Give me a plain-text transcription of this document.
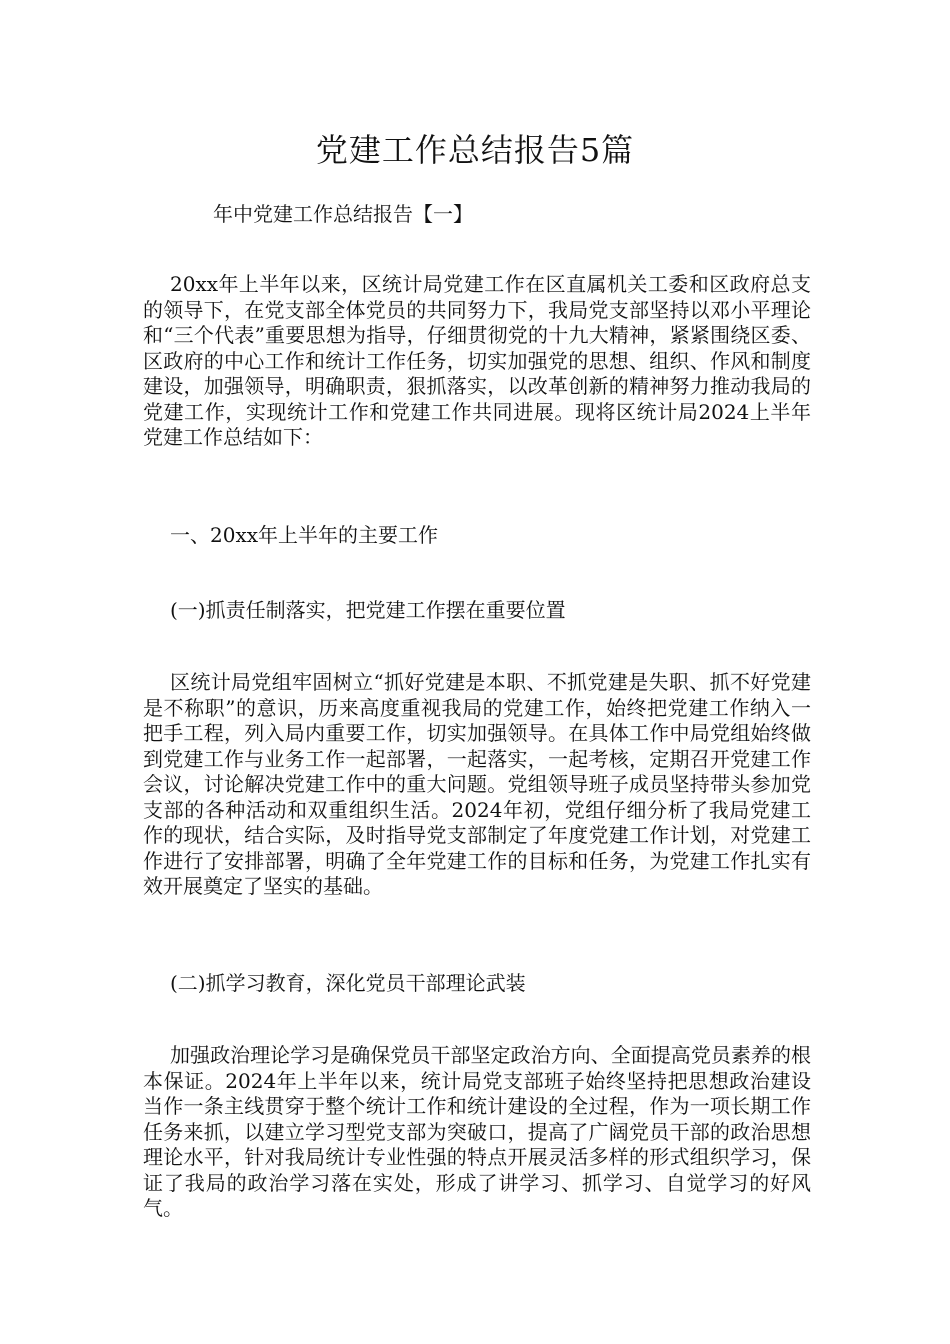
党建工作总结报告5篇
年中党建工作总结报告【一】

20xx年上半年以来，区统计局党建工作在区直属机关工委和区政府总支的领导下，在党支部全体党员的共同努力下，我局党支部坚持以邓小平理论和“三个代表”重要思想为指导，仔细贯彻党的十九大精神，紧紧围绕区委、区政府的中心工作和统计工作任务，切实加强党的思想、组织、作风和制度建设，加强领导，明确职责，狠抓落实，以改革创新的精神努力推动我局的党建工作，实现统计工作和党建工作共同进展。现将区统计局2024上半年党建工作总结如下：

一、20xx年上半年的主要工作

(一)抓责任制落实，把党建工作摆在重要位置

区统计局党组牢固树立“抓好党建是本职、不抓党建是失职、抓不好党建是不称职”的意识，历来高度重视我局的党建工作，始终把党建工作纳入一把手工程，列入局内重要工作，切实加强领导。在具体工作中局党组始终做到党建工作与业务工作一起部署，一起落实，一起考核，定期召开党建工作会议，讨论解决党建工作中的重大问题。党组领导班子成员坚持带头参加党支部的各种活动和双重组织生活。2024年初，党组仔细分析了我局党建工作的现状，结合实际，及时指导党支部制定了年度党建工作计划，对党建工作进行了安排部署，明确了全年党建工作的目标和任务，为党建工作扎实有效开展奠定了坚实的基础。

(二)抓学习教育，深化党员干部理论武装

加强政治理论学习是确保党员干部坚定政治方向、全面提高党员素养的根本保证。2024年上半年以来，统计局党支部班子始终坚持把思想政治建设当作一条主线贯穿于整个统计工作和统计建设的全过程，作为一项长期工作任务来抓，以建立学习型党支部为突破口，提高了广阔党员干部的政治思想理论水平，针对我局统计专业性强的特点开展灵活多样的形式组织学习，保证了我局的政治学习落在实处，形成了讲学习、抓学习、自觉学习的好风气。
